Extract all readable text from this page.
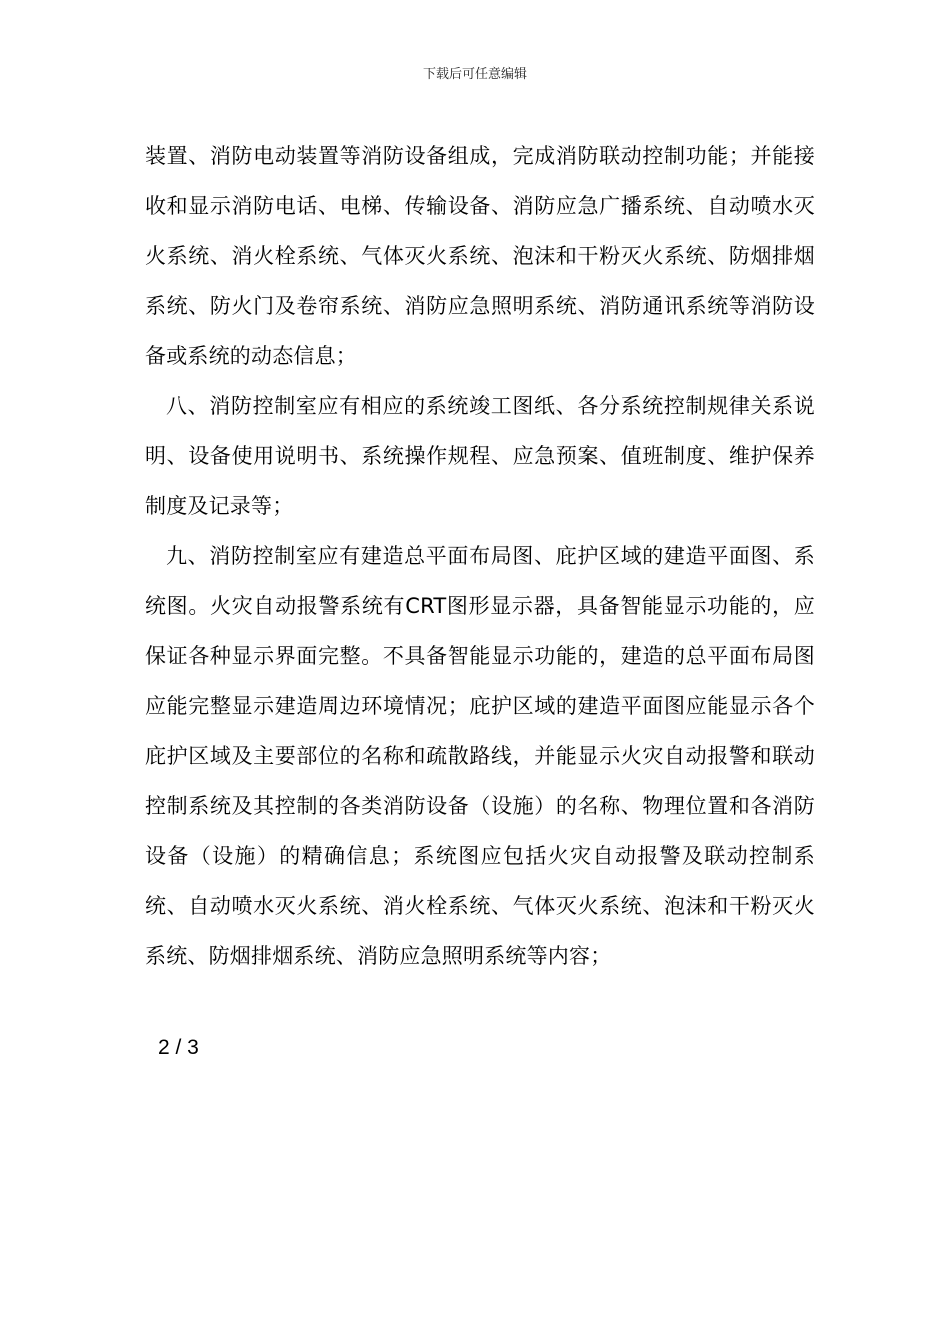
下载后可任意编辑

装置、消防电动装置等消防设备组成，完成消防联动控制功能；并能接收和显示消防电话、电梯、传输设备、消防应急广播系统、自动喷水灭火系统、消火栓系统、气体灭火系统、泡沫和干粉灭火系统、防烟排烟系统、防火门及卷帘系统、消防应急照明系统、消防通讯系统等消防设备或系统的动态信息；

八、消防控制室应有相应的系统竣工图纸、各分系统控制规律关系说明、设备使用说明书、系统操作规程、应急预案、值班制度、维护保养制度及记录等；

九、消防控制室应有建造总平面布局图、庇护区域的建造平面图、系统图。火灾自动报警系统有CRT图形显示器，具备智能显示功能的，应保证各种显示界面完整。不具备智能显示功能的，建造的总平面布局图应能完整显示建造周边环境情况；庇护区域的建造平面图应能显示各个庇护区域及主要部位的名称和疏散路线，并能显示火灾自动报警和联动控制系统及其控制的各类消防设备（设施）的名称、物理位置和各消防设备（设施）的精确信息；系统图应包括火灾自动报警及联动控制系统、自动喷水灭火系统、消火栓系统、气体灭火系统、泡沫和干粉灭火系统、防烟排烟系统、消防应急照明系统等内容；

2 / 3
